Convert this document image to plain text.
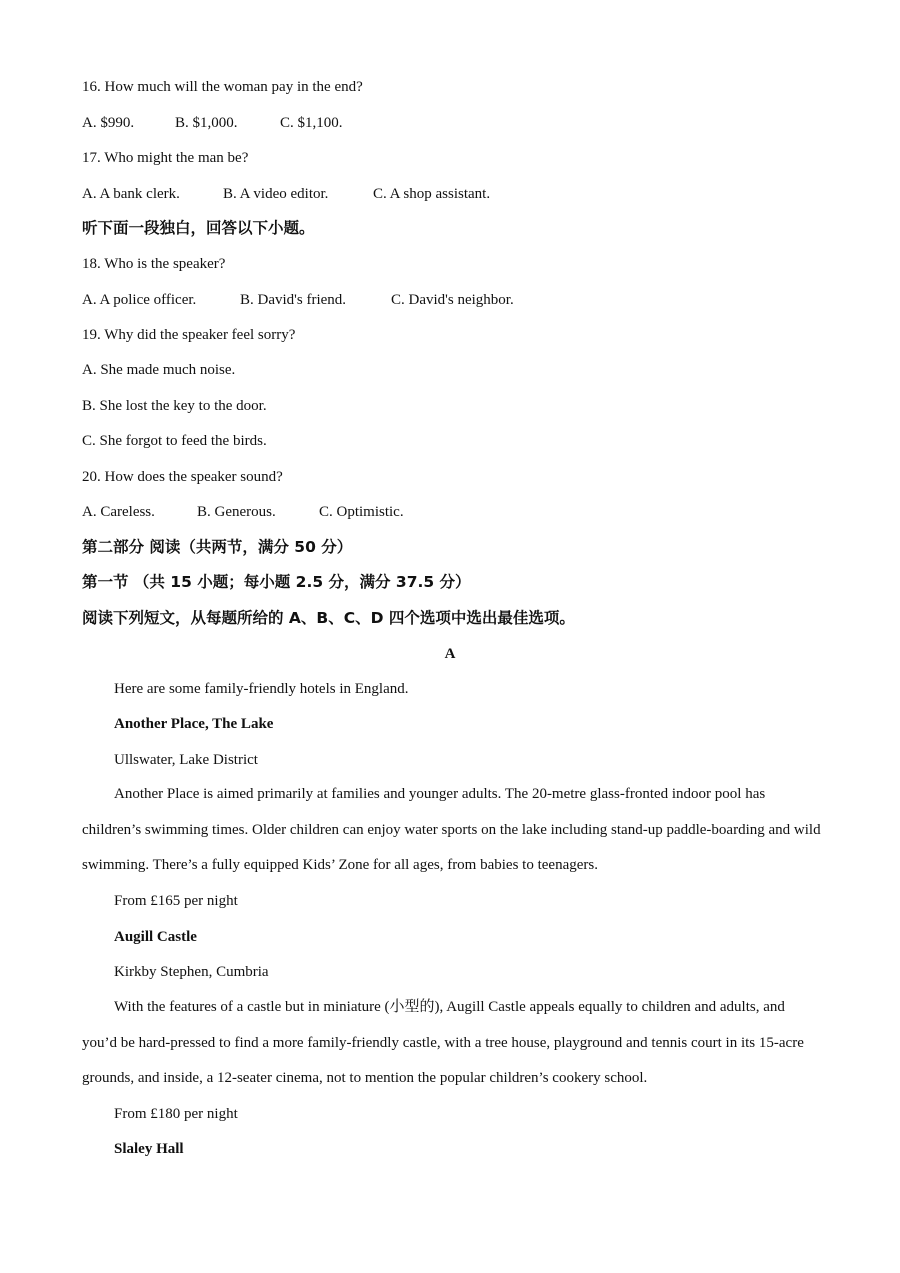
16. How much will the woman pay in the end?
A. $990.	B. $1,000.	C. $1,100.
17. Who might the man be?
A. A bank clerk.	B. A video editor.	C. A shop assistant.
听下面一段独白，回答以下小题。
18. Who is the speaker?
A. A police officer.	B. David's friend.	C. David's neighbor.
19. Why did the speaker feel sorry?
A. She made much noise.
B. She lost the key to the door.
C. She forgot to feed the birds.
20. How does the speaker sound?
A. Careless.	B. Generous.	C. Optimistic.
第二部分 阅读（共两节，满分 50 分）
第一节 （共 15 小题；每小题 2.5 分，满分 37.5 分）
阅读下列短文，从每题所给的 A、B、C、D 四个选项中选出最佳选项。
A
Here are some family-friendly hotels in England.
Another Place, The Lake
Ullswater, Lake District
Another Place is aimed primarily at families and younger adults. The 20-metre glass-fronted indoor pool has children’s swimming times. Older children can enjoy water sports on the lake including stand-up paddle-boarding and wild swimming. There’s a fully equipped Kids’ Zone for all ages, from babies to teenagers.
From £165 per night
Augill Castle
Kirkby Stephen, Cumbria
With the features of a castle but in miniature (小型的), Augill Castle appeals equally to children and adults, and you’d be hard-pressed to find a more family-friendly castle, with a tree house, playground and tennis court in its 15-acre grounds, and inside, a 12-seater cinema, not to mention the popular children’s cookery school.
From £180 per night
Slaley Hall
